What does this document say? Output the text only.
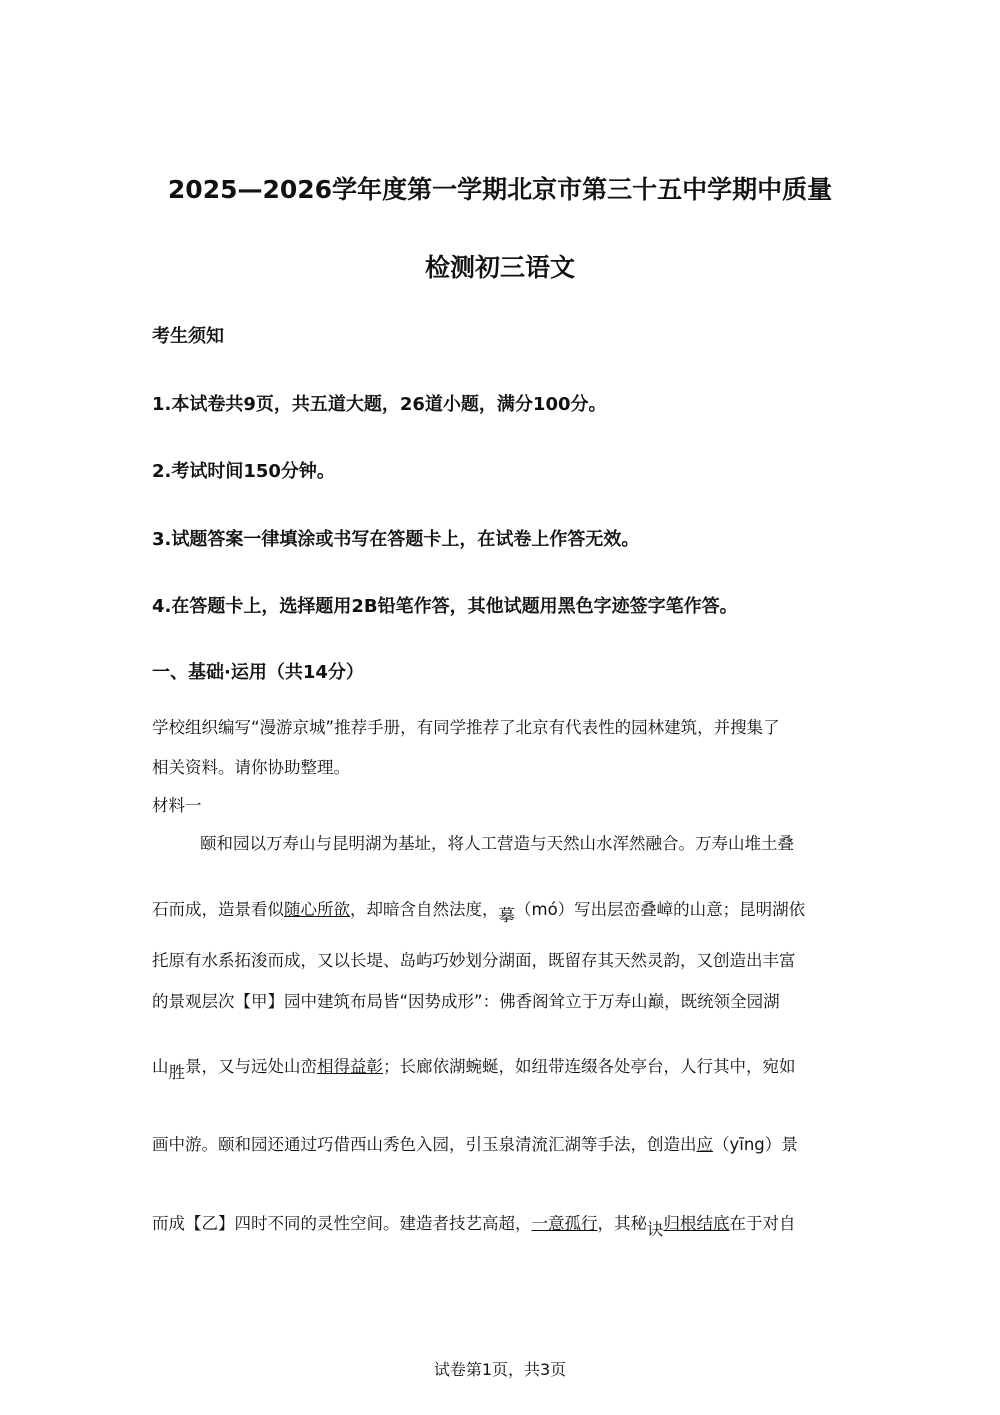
2025—2026学年度第一学期北京市第三十五中学期中质量
检测初三语文
考生须知
1.本试卷共9页，共五道大题，26道小题，满分100分。
2.考试时间150分钟。
3.试题答案一律填涂或书写在答题卡上，在试卷上作答无效。
4.在答题卡上，选择题用2B铅笔作答，其他试题用黑色字迹签字笔作答。
一、基础·运用（共14分）
学校组织编写“漫游京城”推荐手册，有同学推荐了北京有代表性的园林建筑，并搜集了
相关资料。请你协助整理。
材料一
颐和园以万寿山与昆明湖为基址，将人工营造与天然山水浑然融合。万寿山堆土叠
石而成，造景看似随心所欲，却暗含自然法度，摹（mó）写出层峦叠嶂的山意；昆明湖依
托原有水系拓浚而成，又以长堤、岛屿巧妙划分湖面，既留存其天然灵韵，又创造出丰富
的景观层次【甲】园中建筑布局皆“因势成形”：佛香阁耸立于万寿山巅，既统领全园湖
山胜景，又与远处山峦相得益彰；长廊依湖蜿蜒，如纽带连缀各处亭台，人行其中，宛如
画中游。颐和园还通过巧借西山秀色入园，引玉泉清流汇湖等手法，创造出应（yīng）景
而成【乙】四时不同的灵性空间。建造者技艺高超，一意孤行，其秘诀归根结底在于对自
试卷第1页，共3页
